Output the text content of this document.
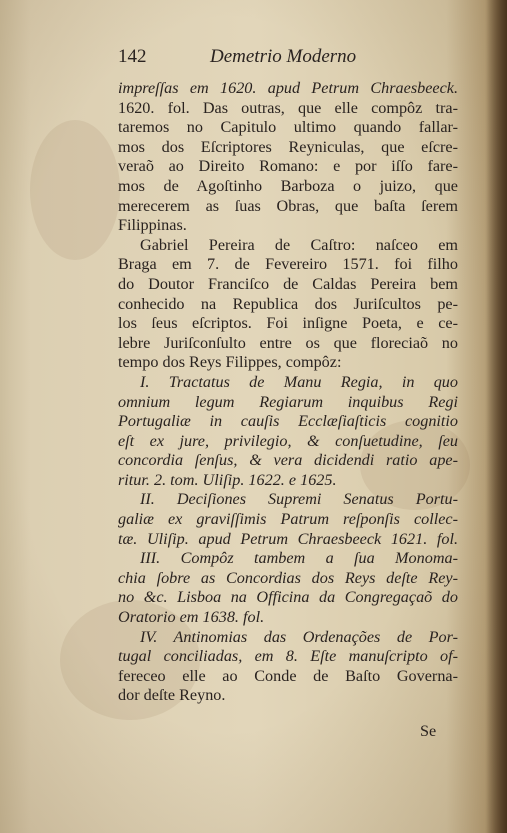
142	Demetrio Moderno
impreſſas em 1620. apud Petrum Chraesbeeck.
1620. fol. Das outras, que elle compôz tra-
taremos no Capitulo ultimo quando fallar-
mos dos Eſcriptores Reyniculas, que eſcre-
veraõ ao Direito Romano: e por iſſo fare-
mos de Agoſtinho Barboza o juizo, que
merecerem as ſuas Obras, que baſta ſerem
Filippinas.
Gabriel Pereira de Caſtro: naſceo em
Braga em 7. de Fevereiro 1571. foi filho
do Doutor Franciſco de Caldas Pereira bem
conhecido na Republica dos Juriſcultos pe-
los ſeus eſcriptos. Foi inſigne Poeta, e ce-
lebre Juriſconſulto entre os que floreciaõ no
tempo dos Reys Filippes, compôz:
I. Tractatus de Manu Regia, in quo
omnium legum Regiarum inquibus Regi
Portugaliæ in cauſis Ecclæſiaſticis cognitio
eſt ex jure, privilegio, & conſuetudine, ſeu
concordia ſenſus, & vera dicidendi ratio ape-
ritur. 2. tom. Uliſip. 1622. e 1625.
II. Deciſiones Supremi Senatus Portu-
galiæ ex graviſſimis Patrum reſponſis collec-
tæ. Uliſip. apud Petrum Chraesbeeck 1621. fol.
III. Compôz tambem a ſua Monoma-
chia ſobre as Concordias dos Reys deſte Rey-
no &c. Lisboa na Officina da Congregaçaõ do
Oratorio em 1638. fol.
IV. Antinomias das Ordenações de Por-
tugal conciliadas, em 8. Eſte manuſcripto of-
fereceo elle ao Conde de Baſto Governa-
dor deſte Reyno.
Se
